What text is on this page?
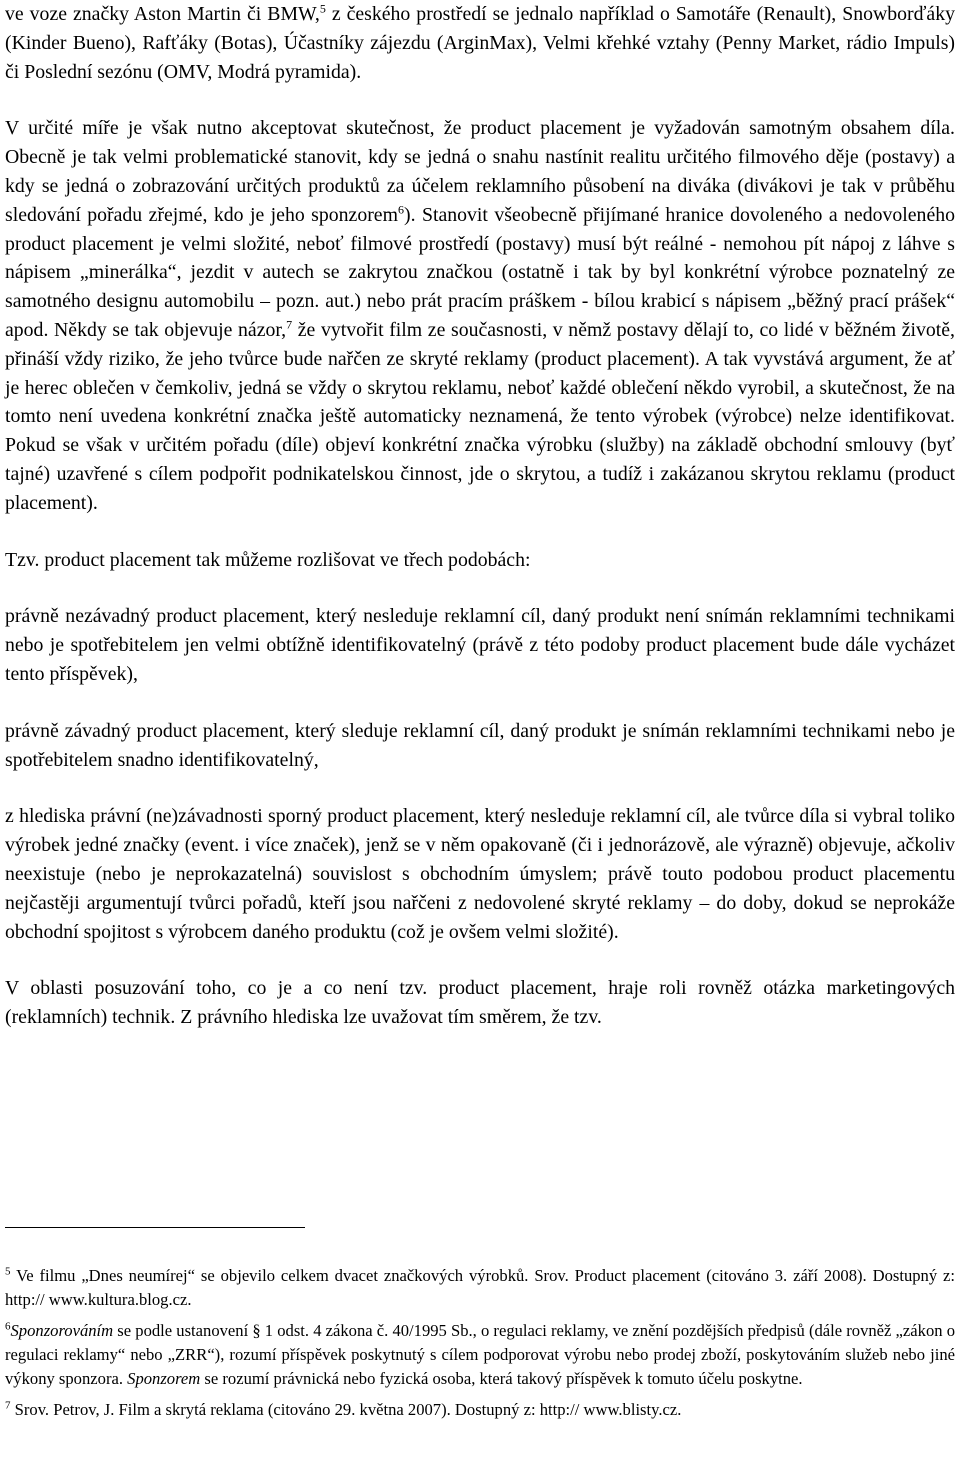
ve voze značky Aston Martin či BMW,$^5$ z českého prostředí se jednalo například o Samotáře (Renault), Snowborďáky (Kinder Bueno), Rafťáky (Botas), Účastníky zájezdu (ArginMax), Velmi křehké vztahy (Penny Market, rádio Impuls) či Poslední sezónu (OMV, Modrá pyramida).

V určité míře je však nutno akceptovat skutečnost, že product placement je vyžadován samotným obsahem díla. Obecně je tak velmi problematické stanovit, kdy se jedná o snahu nastínit realitu určitého filmového děje (postavy) a kdy se jedná o zobrazování určitých produktů za účelem reklamního působení na diváka (divákovi je tak v průběhu sledování pořadu zřejmé, kdo je jeho sponzorem$^6$). Stanovit všeobecně přijímané hranice dovoleného a nedovoleného product placement je velmi složité, neboť filmové prostředí (postavy) musí být reálné - nemohou pít nápoj z láhve s nápisem „minerálka“, jezdit v autech se zakrytou značkou (ostatně i tak by byl konkrétní výrobce poznatelný ze samotného designu automobilu – pozn. aut.) nebo prát pracím práškem - bílou krabicí s nápisem „běžný prací prášek“ apod. Někdy se tak objevuje názor,$^7$ že vytvořit film ze současnosti, v němž postavy dělají to, co lidé v běžném životě, přináší vždy riziko, že jeho tvůrce bude nařčen ze skryté reklamy (product placement). A tak vyvstává argument, že ať je herec oblečen v čemkoliv, jedná se vždy o skrytou reklamu, neboť každé oblečení někdo vyrobil, a skutečnost, že na tomto není uvedena konkrétní značka ještě automaticky neznamená, že tento výrobek (výrobce) nelze identifikovat. Pokud se však v určitém pořadu (díle) objeví konkrétní značka výrobku (služby) na základě obchodní smlouvy (byť tajné) uzavřené s cílem podpořit podnikatelskou činnost, jde o skrytou, a tudíž i zakázanou skrytou reklamu (product placement).

Tzv. product placement tak můžeme rozlišovat ve třech podobách:

právně nezávadný product placement, který nesleduje reklamní cíl, daný produkt není snímán reklamními technikami nebo je spotřebitelem jen velmi obtížně identifikovatelný (právě z této podoby product placement bude dále vycházet tento příspěvek),

právně závadný product placement, který sleduje reklamní cíl, daný produkt je snímán reklamními technikami nebo je spotřebitelem snadno identifikovatelný,

z hlediska právní (ne)závadnosti sporný product placement, který nesleduje reklamní cíl, ale tvůrce díla si vybral toliko výrobek jedné značky (event. i více značek), jenž se v něm opakovaně (či i jednorázově, ale výrazně) objevuje, ačkoliv neexistuje (nebo je neprokazatelná) souvislost s obchodním úmyslem; právě touto podobou product placementu nejčastěji argumentují tvůrci pořadů, kteří jsou nařčeni z nedovolené skryté reklamy – do doby, dokud se neprokáže obchodní spojitost s výrobcem daného produktu (což je ovšem velmi složité).

V oblasti posuzování toho, co je a co není tzv. product placement, hraje roli rovněž otázka marketingových (reklamních) technik. Z právního hlediska lze uvažovat tím směrem, že tzv.

$^5$ Ve filmu „Dnes neumírej“ se objevilo celkem dvacet značkových výrobků. Srov. Product placement (citováno 3. září 2008). Dostupný z: http:// www.kultura.blog.cz.

$^6$Sponzorováním se podle ustanovení § 1 odst. 4 zákona č. 40/1995 Sb., o regulaci reklamy, ve znění pozdějších předpisů (dále rovněž „zákon o regulaci reklamy“ nebo „ZRR“), rozumí příspěvek poskytnutý s cílem podporovat výrobu nebo prodej zboží, poskytováním služeb nebo jiné výkony sponzora. Sponzorem se rozumí právnická nebo fyzická osoba, která takový příspěvek k tomuto účelu poskytne.

$^7$ Srov. Petrov, J. Film a skrytá reklama (citováno 29. května 2007). Dostupný z: http:// www.blisty.cz.
